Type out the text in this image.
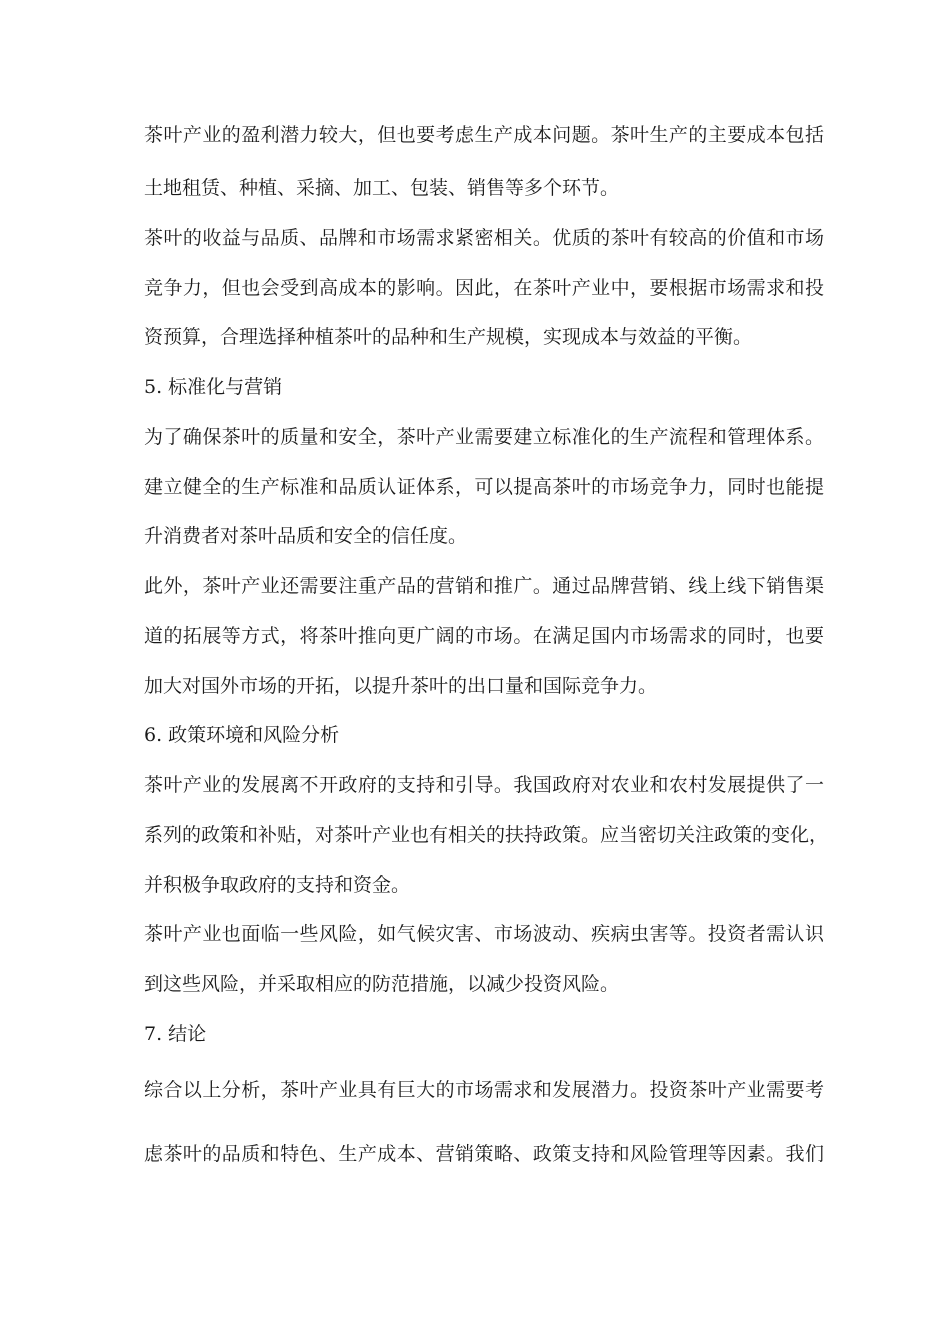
茶叶产业的盈利潜力较大，但也要考虑生产成本问题。茶叶生产的主要成本包括

土地租赁、种植、采摘、加工、包装、销售等多个环节。

茶叶的收益与品质、品牌和市场需求紧密相关。优质的茶叶有较高的价值和市场

竞争力，但也会受到高成本的影响。因此，在茶叶产业中，要根据市场需求和投

资预算，合理选择种植茶叶的品种和生产规模，实现成本与效益的平衡。

5. 标准化与营销

为了确保茶叶的质量和安全，茶叶产业需要建立标准化的生产流程和管理体系。

建立健全的生产标准和品质认证体系，可以提高茶叶的市场竞争力，同时也能提

升消费者对茶叶品质和安全的信任度。

此外，茶叶产业还需要注重产品的营销和推广。通过品牌营销、线上线下销售渠

道的拓展等方式，将茶叶推向更广阔的市场。在满足国内市场需求的同时，也要

加大对国外市场的开拓，以提升茶叶的出口量和国际竞争力。

6. 政策环境和风险分析

茶叶产业的发展离不开政府的支持和引导。我国政府对农业和农村发展提供了一

系列的政策和补贴，对茶叶产业也有相关的扶持政策。应当密切关注政策的变化，

并积极争取政府的支持和资金。

茶叶产业也面临一些风险，如气候灾害、市场波动、疾病虫害等。投资者需认识

到这些风险，并采取相应的防范措施，以减少投资风险。

7. 结论

综合以上分析，茶叶产业具有巨大的市场需求和发展潜力。投资茶叶产业需要考

虑茶叶的品质和特色、生产成本、营销策略、政策支持和风险管理等因素。我们
